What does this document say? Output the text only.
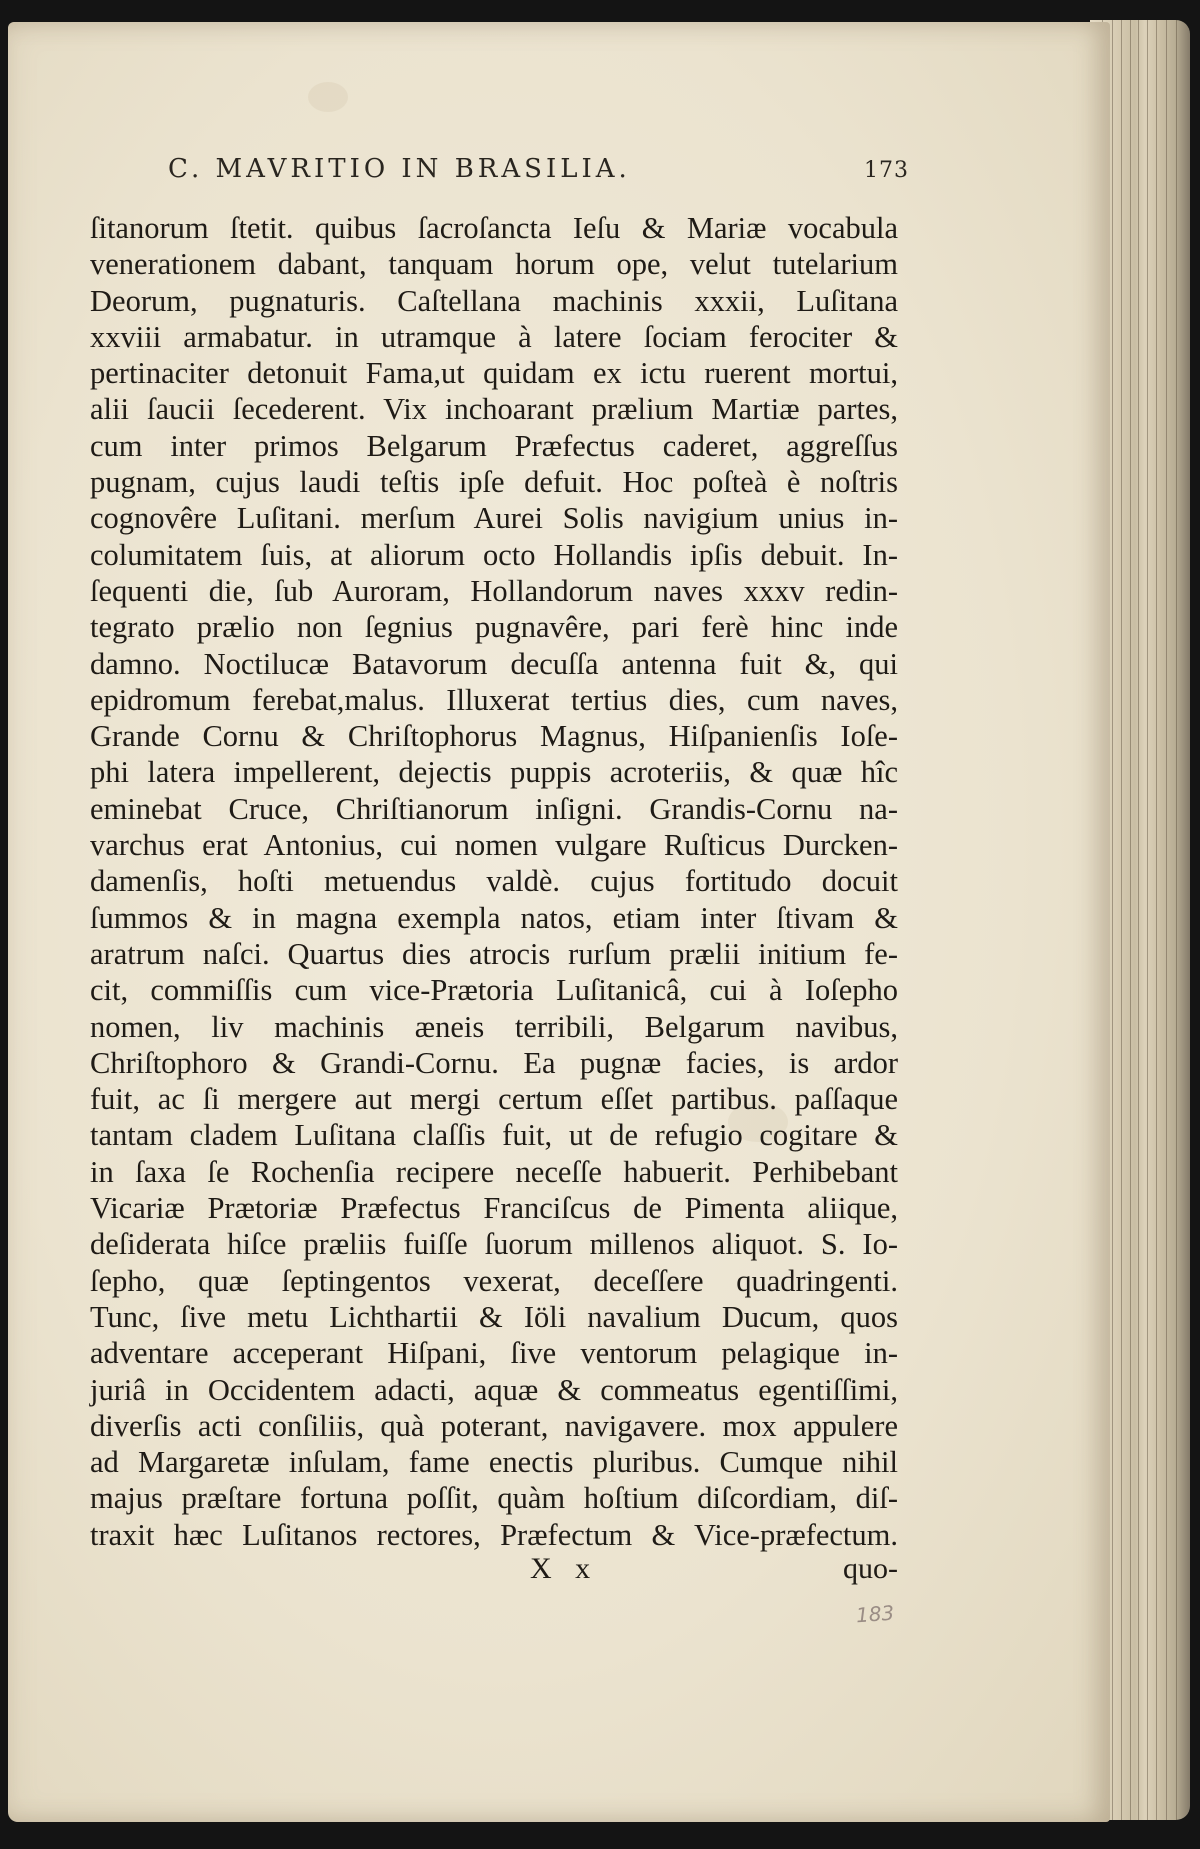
C. MAVRITIO IN BRASILIA.	173
ſitanorum ſtetit. quibus ſacroſancta Ieſu & Mariæ vocabula
venerationem dabant, tanquam horum ope, velut tutelarium
Deorum, pugnaturis. Caſtellana machinis xxxii, Luſitana
xxviii armabatur. in utramque à latere ſociam ferociter &
pertinaciter detonuit Fama,ut quidam ex ictu ruerent mortui,
alii ſaucii ſecederent. Vix inchoarant prælium Martiæ partes,
cum inter primos Belgarum Præfectus caderet, aggreſſus
pugnam, cujus laudi teſtis ipſe defuit. Hoc poſteà è noſtris
cognovêre Luſitani. merſum Aurei Solis navigium unius in-
columitatem ſuis, at aliorum octo Hollandis ipſis debuit. In-
ſequenti die, ſub Auroram, Hollandorum naves xxxv redin-
tegrato prælio non ſegnius pugnavêre, pari ferè hinc inde
damno. Noctilucæ Batavorum decuſſa antenna fuit &, qui
epidromum ferebat,malus. Illuxerat tertius dies, cum naves,
Grande Cornu & Chriſtophorus Magnus, Hiſpanienſis Ioſe-
phi latera impellerent, dejectis puppis acroteriis, & quæ hîc
eminebat Cruce, Chriſtianorum inſigni. Grandis-Cornu na-
varchus erat Antonius, cui nomen vulgare Ruſticus Durcken-
damenſis, hoſti metuendus valdè. cujus fortitudo docuit
ſummos & in magna exempla natos, etiam inter ſtivam &
aratrum naſci. Quartus dies atrocis rurſum prælii initium fe-
cit, commiſſis cum vice-Prætoria Luſitanicâ, cui à Ioſepho
nomen, liv machinis æneis terribili, Belgarum navibus,
Chriſtophoro & Grandi-Cornu. Ea pugnæ facies, is ardor
fuit, ac ſi mergere aut mergi certum eſſet partibus. paſſaque
tantam cladem Luſitana claſſis fuit, ut de refugio cogitare &
in ſaxa ſe Rochenſia recipere neceſſe habuerit. Perhibebant
Vicariæ Prætoriæ Præfectus Franciſcus de Pimenta aliique,
deſiderata hiſce præliis fuiſſe ſuorum millenos aliquot. S. Io-
ſepho, quæ ſeptingentos vexerat, deceſſere quadringenti.
Tunc, ſive metu Lichthartii & Iöli navalium Ducum, quos
adventare acceperant Hiſpani, ſive ventorum pelagique in-
juriâ in Occidentem adacti, aquæ & commeatus egentiſſimi,
diverſis acti conſiliis, quà poterant, navigavere. mox appulere
ad Margaretæ inſulam, fame enectis pluribus. Cumque nihil
majus præſtare fortuna poſſit, quàm hoſtium diſcordiam, diſ-
traxit hæc Luſitanos rectores, Præfectum & Vice-præfectum.
X x	quo-
183
